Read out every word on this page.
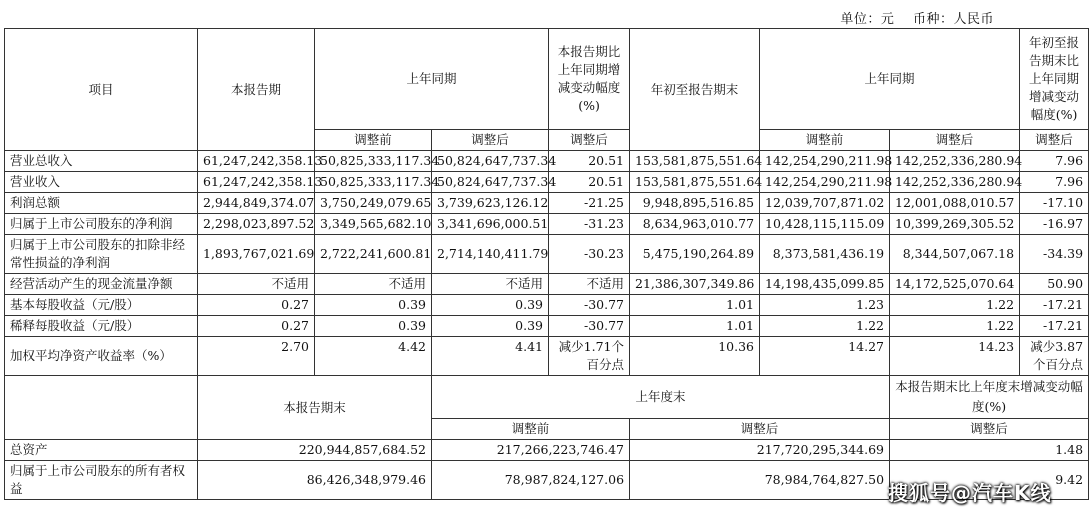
单位：元 币种：人民币
项目	本报告期	上年同期		本报告期比上年同期增减变动幅度(%)	年初至报告期末	上年同期		年初至报告期末比上年同期增减变动幅度(%)
		调整前	调整后	调整后		调整前	调整后	调整后
营业总收入	61,247,242,358.13	50,825,333,117.34	50,824,647,737.34	20.51	153,581,875,551.64	142,254,290,211.98	142,252,336,280.94	7.96
营业收入	61,247,242,358.13	50,825,333,117.34	50,824,647,737.34	20.51	153,581,875,551.64	142,254,290,211.98	142,252,336,280.94	7.96
利润总额	2,944,849,374.07	3,750,249,079.65	3,739,623,126.12	-21.25	9,948,895,516.85	12,039,707,871.02	12,001,088,010.57	-17.10
归属于上市公司股东的净利润	2,298,023,897.52	3,349,565,682.10	3,341,696,000.51	-31.23	8,634,963,010.77	10,428,115,115.09	10,399,269,305.52	-16.97
归属于上市公司股东的扣除非经常性损益的净利润	1,893,767,021.69	2,722,241,600.81	2,714,140,411.79	-30.23	5,475,190,264.89	8,373,581,436.19	8,344,507,067.18	-34.39
经营活动产生的现金流量净额	不适用	不适用	不适用	不适用	21,386,307,349.86	14,198,435,099.85	14,172,525,070.64	50.90
基本每股收益（元/股）	0.27	0.39	0.39	-30.77	1.01	1.23	1.22	-17.21
稀释每股收益（元/股）	0.27	0.39	0.39	-30.77	1.01	1.22	1.22	-17.21
加权平均净资产收益率（%）	2.70	4.42	4.41	减少1.71个百分点	10.36	14.27	14.23	减少3.87个百分点
	本报告期末		上年度末				本报告期末比上年度末增减变动幅度(%)	
			调整前		调整后		调整后	
总资产	220,944,857,684.52		217,266,223,746.47		217,720,295,344.69		1.48	
归属于上市公司股东的所有者权益	86,426,348,979.46		78,987,824,127.06		78,984,764,827.50		9.42	
搜狐号@汽车K线
